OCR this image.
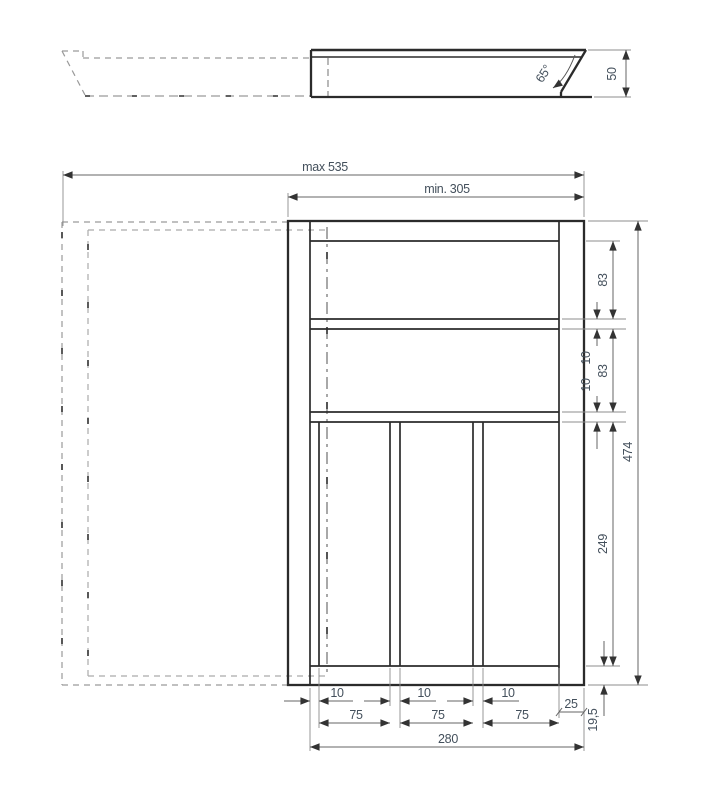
65°	50
max 535
min. 305
83
10
83
10
249
474
19,5
10	10	10
75	75	75
25
280
